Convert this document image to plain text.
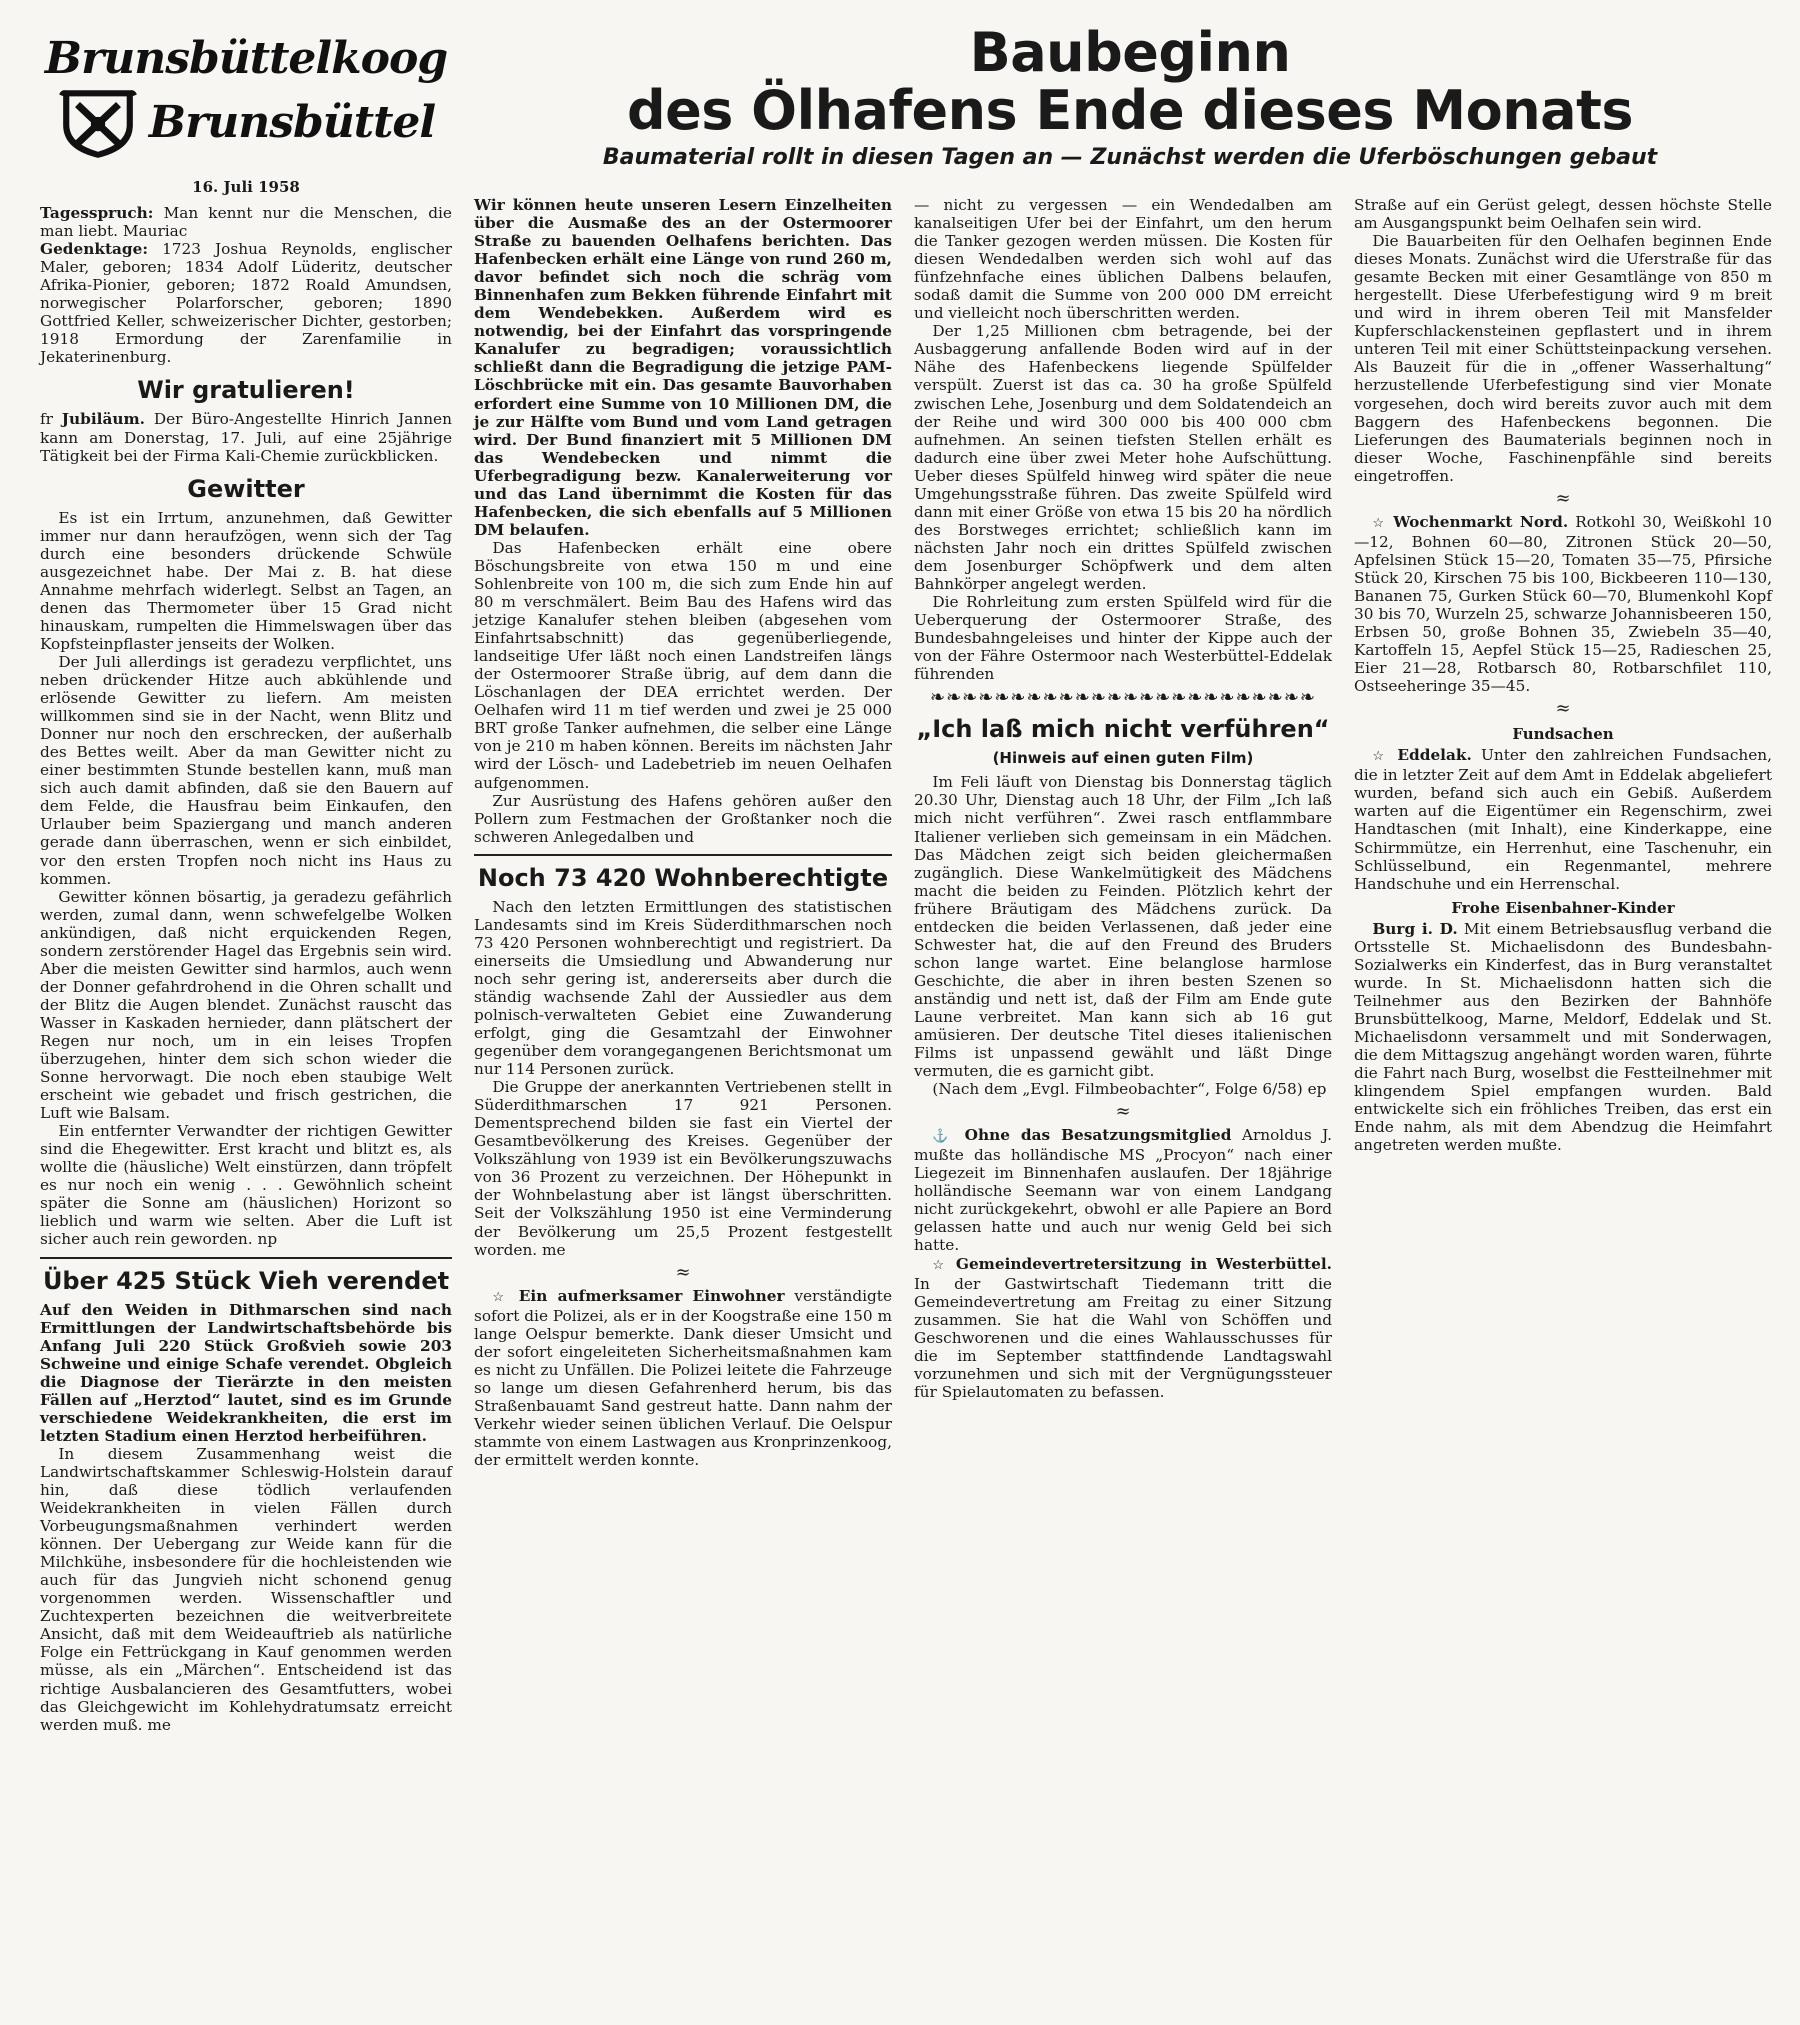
Baubeginn
des Ölhafens Ende dieses Monats
Baumaterial rollt in diesen Tagen an — Zunächst werden die Uferböschungen gebaut
Brunsbüttelkoog
Brunsbüttel
16. Juli 1958

Tagesspruch: Man kennt nur die Menschen, die man liebt. Mauriac

Gedenktage: 1723 Joshua Reynolds, englischer Maler, geboren; 1834 Adolf Lüderitz, deutscher Afrika-Pionier, geboren; 1872 Roald Amundsen, norwegischer Polarforscher, geboren; 1890 Gottfried Keller, schweizerischer Dichter, gestorben; 1918 Ermordung der Zarenfamilie in Jekaterinenburg.

Wir gratulieren!

fr Jubiläum. Der Büro-Angestellte Hinrich Jannen kann am Donerstag, 17. Juli, auf eine 25jährige Tätigkeit bei der Firma Kali-Chemie zurückblicken.

Gewitter

Es ist ein Irrtum, anzunehmen, daß Gewitter immer nur dann heraufzögen, wenn sich der Tag durch eine besonders drückende Schwüle ausgezeichnet habe. Der Mai z. B. hat diese Annahme mehrfach widerlegt. Selbst an Tagen, an denen das Thermometer über 15 Grad nicht hinauskam, rumpelten die Himmelswagen über das Kopfsteinpflaster jenseits der Wolken.

Der Juli allerdings ist geradezu verpflichtet, uns neben drückender Hitze auch abkühlende und erlösende Gewitter zu liefern. Am meisten willkommen sind sie in der Nacht, wenn Blitz und Donner nur noch den erschrecken, der außerhalb des Bettes weilt. Aber da man Gewitter nicht zu einer bestimmten Stunde bestellen kann, muß man sich auch damit abfinden, daß sie den Bauern auf dem Felde, die Hausfrau beim Einkaufen, den Urlauber beim Spaziergang und manch anderen gerade dann überraschen, wenn er sich einbildet, vor den ersten Tropfen noch nicht ins Haus zu kommen.

Gewitter können bösartig, ja geradezu gefährlich werden, zumal dann, wenn schwefelgelbe Wolken ankündigen, daß nicht erquickenden Regen, sondern zerstörender Hagel das Ergebnis sein wird. Aber die meisten Gewitter sind harmlos, auch wenn der Donner gefahrdrohend in die Ohren schallt und der Blitz die Augen blendet. Zunächst rauscht das Wasser in Kaskaden hernieder, dann plätschert der Regen nur noch, um in ein leises Tropfen überzugehen, hinter dem sich schon wieder die Sonne hervorwagt. Die noch eben staubige Welt erscheint wie gebadet und frisch gestrichen, die Luft wie Balsam.

Ein entfernter Verwandter der richtigen Gewitter sind die Ehegewitter. Erst kracht und blitzt es, als wollte die (häusliche) Welt einstürzen, dann tröpfelt es nur noch ein wenig . . . Gewöhnlich scheint später die Sonne am (häuslichen) Horizont so lieblich und warm wie selten. Aber die Luft ist sicher auch rein geworden. np

Über 425 Stück Vieh verendet

Auf den Weiden in Dithmarschen sind nach Ermittlungen der Landwirtschaftsbehörde bis Anfang Juli 220 Stück Großvieh sowie 203 Schweine und einige Schafe verendet. Obgleich die Diagnose der Tierärzte in den meisten Fällen auf „Herztod“ lautet, sind es im Grunde verschiedene Weidekrankheiten, die erst im letzten Stadium einen Herztod herbeiführen.

In diesem Zusammenhang weist die Landwirtschaftskammer Schleswig-Holstein darauf hin, daß diese tödlich verlaufenden Weidekrankheiten in vielen Fällen durch Vorbeugungsmaßnahmen verhindert werden können. Der Uebergang zur Weide kann für die Milchkühe, insbesondere für die hochleistenden wie auch für das Jungvieh nicht schonend genug vorgenommen werden. Wissenschaftler und Zuchtexperten bezeichnen die weitverbreitete Ansicht, daß mit dem Weideauftrieb als natürliche Folge ein Fettrückgang in Kauf genommen werden müsse, als ein „Märchen“. Entscheidend ist das richtige Ausbalancieren des Gesamtfutters, wobei das Gleichgewicht im Kohlehydratumsatz erreicht werden muß. me

Wir können heute unseren Lesern Einzelheiten über die Ausmaße des an der Ostermoorer Straße zu bauenden Oelhafens berichten. Das Hafenbecken erhält eine Länge von rund 260 m, davor befindet sich noch die schräg vom Binnenhafen zum Bekken führende Einfahrt mit dem Wendebekken. Außerdem wird es notwendig, bei der Einfahrt das vorspringende Kanalufer zu begradigen; voraussichtlich schließt dann die Begradigung die jetzige PAM-Löschbrücke mit ein. Das gesamte Bauvorhaben erfordert eine Summe von 10 Millionen DM, die je zur Hälfte vom Bund und vom Land getragen wird. Der Bund finanziert mit 5 Millionen DM das Wendebecken und nimmt die Uferbegradigung bezw. Kanalerweiterung vor und das Land übernimmt die Kosten für das Hafenbecken, die sich ebenfalls auf 5 Millionen DM belaufen.

Das Hafenbecken erhält eine obere Böschungsbreite von etwa 150 m und eine Sohlenbreite von 100 m, die sich zum Ende hin auf 80 m verschmälert. Beim Bau des Hafens wird das jetzige Kanalufer stehen bleiben (abgesehen vom Einfahrtsabschnitt) das gegenüberliegende, landseitige Ufer läßt noch einen Landstreifen längs der Ostermoorer Straße übrig, auf dem dann die Löschanlagen der DEA errichtet werden. Der Oelhafen wird 11 m tief werden und zwei je 25 000 BRT große Tanker aufnehmen, die selber eine Länge von je 210 m haben können. Bereits im nächsten Jahr wird der Lösch- und Ladebetrieb im neuen Oelhafen aufgenommen.

Zur Ausrüstung des Hafens gehören außer den Pollern zum Festmachen der Großtanker noch die schweren Anlegedalben und

Noch 73 420 Wohnberechtigte

Nach den letzten Ermittlungen des statistischen Landesamts sind im Kreis Süderdithmarschen noch 73 420 Personen wohnberechtigt und registriert. Da einerseits die Umsiedlung und Abwanderung nur noch sehr gering ist, andererseits aber durch die ständig wachsende Zahl der Aussiedler aus dem polnisch-verwalteten Gebiet eine Zuwanderung erfolgt, ging die Gesamtzahl der Einwohner gegenüber dem vorangegangenen Berichtsmonat um nur 114 Personen zurück.

Die Gruppe der anerkannten Vertriebenen stellt in Süderdithmarschen 17 921 Personen. Dementsprechend bilden sie fast ein Viertel der Gesamtbevölkerung des Kreises. Gegenüber der Volkszählung von 1939 ist ein Bevölkerungszuwachs von 36 Prozent zu verzeichnen. Der Höhepunkt in der Wohnbelastung aber ist längst überschritten. Seit der Volkszählung 1950 ist eine Verminderung der Bevölkerung um 25,5 Prozent festgestellt worden. me

≈

☆ Ein aufmerksamer Einwohner verständigte sofort die Polizei, als er in der Koogstraße eine 150 m lange Oelspur bemerkte. Dank dieser Umsicht und der sofort eingeleiteten Sicherheitsmaßnahmen kam es nicht zu Unfällen. Die Polizei leitete die Fahrzeuge so lange um diesen Gefahrenherd herum, bis das Straßenbauamt Sand gestreut hatte. Dann nahm der Verkehr wieder seinen üblichen Verlauf. Die Oelspur stammte von einem Lastwagen aus Kronprinzenkoog, der ermittelt werden konnte.

— nicht zu vergessen — ein Wendedalben am kanalseitigen Ufer bei der Einfahrt, um den herum die Tanker gezogen werden müssen. Die Kosten für diesen Wendedalben werden sich wohl auf das fünfzehnfache eines üblichen Dalbens belaufen, sodaß damit die Summe von 200 000 DM erreicht und vielleicht noch überschritten werden.

Der 1,25 Millionen cbm betragende, bei der Ausbaggerung anfallende Boden wird auf in der Nähe des Hafenbeckens liegende Spülfelder verspült. Zuerst ist das ca. 30 ha große Spülfeld zwischen Lehe, Josenburg und dem Soldatendeich an der Reihe und wird 300 000 bis 400 000 cbm aufnehmen. An seinen tiefsten Stellen erhält es dadurch eine über zwei Meter hohe Aufschüttung. Ueber dieses Spülfeld hinweg wird später die neue Umgehungsstraße führen. Das zweite Spülfeld wird dann mit einer Größe von etwa 15 bis 20 ha nördlich des Borstweges errichtet; schließlich kann im nächsten Jahr noch ein drittes Spülfeld zwischen dem Josenburger Schöpfwerk und dem alten Bahnkörper angelegt werden.

Die Rohrleitung zum ersten Spülfeld wird für die Ueberquerung der Ostermoorer Straße, des Bundesbahngeleises und hinter der Kippe auch der von der Fähre Ostermoor nach Westerbüttel-Eddelak führenden

❧❧❧❧❧❧❧❧❧❧❧❧❧❧❧❧❧❧❧❧❧❧❧❧
„Ich laß mich nicht verführen“
(Hinweis auf einen guten Film)

Im Feli läuft von Dienstag bis Donnerstag täglich 20.30 Uhr, Dienstag auch 18 Uhr, der Film „Ich laß mich nicht verführen“. Zwei rasch entflammbare Italiener verlieben sich gemeinsam in ein Mädchen. Das Mädchen zeigt sich beiden gleichermaßen zugänglich. Diese Wankelmütigkeit des Mädchens macht die beiden zu Feinden. Plötzlich kehrt der frühere Bräutigam des Mädchens zurück. Da entdecken die beiden Verlassenen, daß jeder eine Schwester hat, die auf den Freund des Bruders schon lange wartet. Eine belanglose harmlose Geschichte, die aber in ihren besten Szenen so anständig und nett ist, daß der Film am Ende gute Laune verbreitet. Man kann sich ab 16 gut amüsieren. Der deutsche Titel dieses italienischen Films ist unpassend gewählt und läßt Dinge vermuten, die es garnicht gibt.

(Nach dem „Evgl. Filmbeobachter“, Folge 6/58) ep

≈

⚓ Ohne das Besatzungsmitglied Arnoldus J. mußte das holländische MS „Procyon“ nach einer Liegezeit im Binnenhafen auslaufen. Der 18jährige holländische Seemann war von einem Landgang nicht zurückgekehrt, obwohl er alle Papiere an Bord gelassen hatte und auch nur wenig Geld bei sich hatte.

☆ Gemeindevertretersitzung in Westerbüttel. In der Gastwirtschaft Tiedemann tritt die Gemeindevertretung am Freitag zu einer Sitzung zusammen. Sie hat die Wahl von Schöffen und Geschworenen und die eines Wahlausschusses für die im September stattfindende Landtagswahl vorzunehmen und sich mit der Vergnügungssteuer für Spielautomaten zu befassen.

Straße auf ein Gerüst gelegt, dessen höchste Stelle am Ausgangspunkt beim Oelhafen sein wird.

Die Bauarbeiten für den Oelhafen beginnen Ende dieses Monats. Zunächst wird die Uferstraße für das gesamte Becken mit einer Gesamtlänge von 850 m hergestellt. Diese Uferbefestigung wird 9 m breit und wird in ihrem oberen Teil mit Mansfelder Kupferschlackensteinen gepflastert und in ihrem unteren Teil mit einer Schüttsteinpackung versehen. Als Bauzeit für die in „offener Wasserhaltung“ herzustellende Uferbefestigung sind vier Monate vorgesehen, doch wird bereits zuvor auch mit dem Baggern des Hafenbeckens begonnen. Die Lieferungen des Baumaterials beginnen noch in dieser Woche, Faschinenpfähle sind bereits eingetroffen.

≈

☆ Wochenmarkt Nord. Rotkohl 30, Weißkohl 10—12, Bohnen 60—80, Zitronen Stück 20—50, Apfelsinen Stück 15—20, Tomaten 35—75, Pfirsiche Stück 20, Kirschen 75 bis 100, Bickbeeren 110—130, Bananen 75, Gurken Stück 60—70, Blumenkohl Kopf 30 bis 70, Wurzeln 25, schwarze Johannisbeeren 150, Erbsen 50, große Bohnen 35, Zwiebeln 35—40, Kartoffeln 15, Aepfel Stück 15—25, Radieschen 25, Eier 21—28, Rotbarsch 80, Rotbarschfilet 110, Ostseeheringe 35—45.

≈
Fundsachen

☆ Eddelak. Unter den zahlreichen Fundsachen, die in letzter Zeit auf dem Amt in Eddelak abgeliefert wurden, befand sich auch ein Gebiß. Außerdem warten auf die Eigentümer ein Regenschirm, zwei Handtaschen (mit Inhalt), eine Kinderkappe, eine Schirmmütze, ein Herrenhut, eine Taschenuhr, ein Schlüsselbund, ein Regenmantel, mehrere Handschuhe und ein Herrenschal.

Frohe Eisenbahner-Kinder

Burg i. D. Mit einem Betriebsausflug verband die Ortsstelle St. Michaelisdonn des Bundesbahn-Sozialwerks ein Kinderfest, das in Burg veranstaltet wurde. In St. Michaelisdonn hatten sich die Teilnehmer aus den Bezirken der Bahnhöfe Brunsbüttelkoog, Marne, Meldorf, Eddelak und St. Michaelisdonn versammelt und mit Sonderwagen, die dem Mittagszug angehängt worden waren, führte die Fahrt nach Burg, woselbst die Festteilnehmer mit klingendem Spiel empfangen wurden. Bald entwickelte sich ein fröhliches Treiben, das erst ein Ende nahm, als mit dem Abendzug die Heimfahrt angetreten werden mußte.
